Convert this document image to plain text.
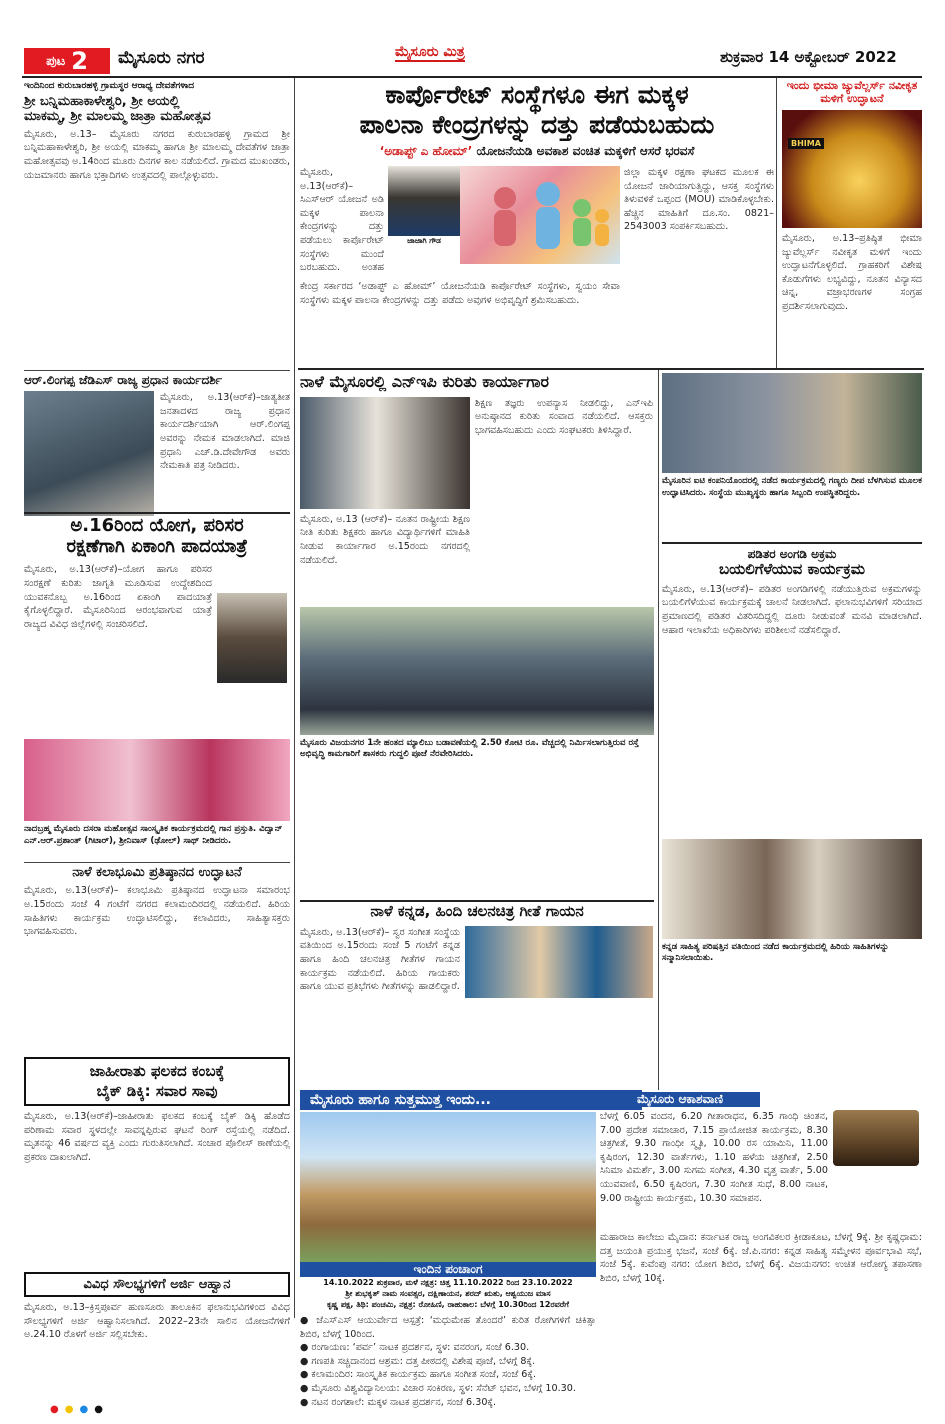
ಪುಟ 2 ಮೈಸೂರು ನಗರ	ಮೈಸೂರು ಮಿತ್ರ	ಶುಕ್ರವಾರ 14 ಅಕ್ಟೋಬರ್ 2022
ಇಂದಿನಿಂದ ಕುರುಬಾರಹಳ್ಳಿ ಗ್ರಾಮಸ್ಥರ ಆರಾಧ್ಯ ದೇವತೆಗಳಾದ
ಶ್ರೀ ಬನ್ನಿಮಹಾಕಾಳೇಶ್ವರಿ, ಶ್ರೀ ಅಯಲ್ಲಿ
ಮಾಕಮ್ಮ, ಶ್ರೀ ಮಾಲಮ್ಮ ಜಾತ್ರಾ ಮಹೋತ್ಸವ

ಮೈಸೂರು, ಅ.13– ಮೈಸೂರು ನಗರದ ಕುರುಬಾರಹಳ್ಳಿ ಗ್ರಾಮದ ಶ್ರೀ ಬನ್ನಿಮಹಾಕಾಳೇಶ್ವರಿ, ಶ್ರೀ ಅಯಲ್ಲಿ ಮಾಕಮ್ಮ ಹಾಗೂ ಶ್ರೀ ಮಾಲಮ್ಮ ದೇವತೆಗಳ ಜಾತ್ರಾ ಮಹೋತ್ಸವವು ಅ.14ರಿಂದ ಮೂರು ದಿನಗಳ ಕಾಲ ನಡೆಯಲಿದೆ. ಗ್ರಾಮದ ಮುಖಂಡರು, ಯಜಮಾನರು ಹಾಗೂ ಭಕ್ತಾದಿಗಳು ಉತ್ಸವದಲ್ಲಿ ಪಾಲ್ಗೊಳ್ಳುವರು.

ಆರ್.ಲಿಂಗಪ್ಪ ಜೆಡಿಎಸ್ ರಾಜ್ಯ ಪ್ರಧಾನ ಕಾರ್ಯದರ್ಶಿ

ಮೈಸೂರು, ಅ.13(ಆರ್‌ಕೆ)–ಜಾತ್ಯತೀತ ಜನತಾದಳದ ರಾಜ್ಯ ಪ್ರಧಾನ ಕಾರ್ಯದರ್ಶಿಯಾಗಿ ಆರ್.ಲಿಂಗಪ್ಪ ಅವರನ್ನು ನೇಮಕ ಮಾಡಲಾಗಿದೆ. ಮಾಜಿ ಪ್ರಧಾನಿ ಎಚ್.ಡಿ.ದೇವೇಗೌಡ ಅವರು ನೇಮಕಾತಿ ಪತ್ರ ನೀಡಿದರು.

ಅ.16ರಿಂದ ಯೋಗ, ಪರಿಸರ
ರಕ್ಷಣೆಗಾಗಿ ಏಕಾಂಗಿ ಪಾದಯಾತ್ರೆ

ಮೈಸೂರು, ಅ.13(ಆರ್‌ಕೆ)–ಯೋಗ ಹಾಗೂ ಪರಿಸರ ಸಂರಕ್ಷಣೆ ಕುರಿತು ಜಾಗೃತಿ ಮೂಡಿಸುವ ಉದ್ದೇಶದಿಂದ ಯುವಕನೊಬ್ಬ ಅ.16ರಿಂದ ಏಕಾಂಗಿ ಪಾದಯಾತ್ರೆ ಕೈಗೊಳ್ಳಲಿದ್ದಾರೆ. ಮೈಸೂರಿನಿಂದ ಆರಂಭವಾಗುವ ಯಾತ್ರೆ ರಾಜ್ಯದ ವಿವಿಧ ಜಿಲ್ಲೆಗಳಲ್ಲಿ ಸಂಚರಿಸಲಿದೆ.

ನಾದಬ್ರಹ್ಮ ಮೈಸೂರು ದಸರಾ ಮಹೋತ್ಸವ ಸಾಂಸ್ಕೃತಿಕ ಕಾರ್ಯಕ್ರಮದಲ್ಲಿ ಗಾನ ಪ್ರಸ್ತುತಿ. ವಿದ್ವಾನ್ ಎನ್.ಆರ್.ಪ್ರಶಾಂತ್ (ಗಿಟಾರ್), ಶ್ರೀನಿವಾಸ್ (ಢೋಲ್) ಸಾಥ್ ನೀಡಿದರು.
ನಾಳೆ ಕಲಾಭೂಮಿ ಪ್ರತಿಷ್ಠಾನದ ಉದ್ಘಾಟನೆ

ಮೈಸೂರು, ಅ.13(ಆರ್‌ಕೆ)– ಕಲಾಭೂಮಿ ಪ್ರತಿಷ್ಠಾನದ ಉದ್ಘಾಟನಾ ಸಮಾರಂಭ ಅ.15ರಂದು ಸಂಜೆ 4 ಗಂಟೆಗೆ ನಗರದ ಕಲಾಮಂದಿರದಲ್ಲಿ ನಡೆಯಲಿದೆ. ಹಿರಿಯ ಸಾಹಿತಿಗಳು ಕಾರ್ಯಕ್ರಮ ಉದ್ಘಾಟಿಸಲಿದ್ದು, ಕಲಾವಿದರು, ಸಾಹಿತ್ಯಾಸಕ್ತರು ಭಾಗವಹಿಸುವರು.

ಜಾಹೀರಾತು ಫಲಕದ ಕಂಬಕ್ಕೆ
ಬೈಕ್ ಡಿಕ್ಕಿ: ಸವಾರ ಸಾವು

ಮೈಸೂರು, ಅ.13(ಆರ್‌ಕೆ)–ಜಾಹೀರಾತು ಫಲಕದ ಕಂಬಕ್ಕೆ ಬೈಕ್ ಡಿಕ್ಕಿ ಹೊಡೆದ ಪರಿಣಾಮ ಸವಾರ ಸ್ಥಳದಲ್ಲೇ ಸಾವನ್ನಪ್ಪಿರುವ ಘಟನೆ ರಿಂಗ್ ರಸ್ತೆಯಲ್ಲಿ ನಡೆದಿದೆ. ಮೃತನನ್ನು 46 ವರ್ಷದ ವ್ಯಕ್ತಿ ಎಂದು ಗುರುತಿಸಲಾಗಿದೆ. ಸಂಚಾರ ಪೊಲೀಸ್ ಠಾಣೆಯಲ್ಲಿ ಪ್ರಕರಣ ದಾಖಲಾಗಿದೆ.

ವಿವಿಧ ಸೌಲಭ್ಯಗಳಿಗೆ ಅರ್ಜಿ ಆಹ್ವಾನ

ಮೈಸೂರು, ಅ.13–ಕ್ರಿಸ್ತಪೂರ್ವ ಹುಣಸೂರು ತಾಲೂಕಿನ ಫಲಾನುಭವಿಗಳಿಂದ ವಿವಿಧ ಸೌಲಭ್ಯಗಳಿಗೆ ಅರ್ಜಿ ಆಹ್ವಾನಿಸಲಾಗಿದೆ. 2022–23ನೇ ಸಾಲಿನ ಯೋಜನೆಗಳಿಗೆ ಅ.24.10 ರೊಳಗೆ ಅರ್ಜಿ ಸಲ್ಲಿಸಬೇಕು.

ಕಾರ್ಪೊರೇಟ್ ಸಂಸ್ಥೆಗಳೂ ಈಗ ಮಕ್ಕಳ
ಪಾಲನಾ ಕೇಂದ್ರಗಳನ್ನು ದತ್ತು ಪಡೆಯಬಹುದು
‘ಅಡಾಪ್ಟ್ ಎ ಹೋಮ್’ ಯೋಜನೆಯಡಿ ಅವಕಾಶ ವಂಚಿತ ಮಕ್ಕಳಿಗೆ ಆಸರೆ ಭರವಸೆ

ಮೈಸೂರು, ಅ.13(ಆರ್‌ಕೆ)–ಸಿಎಸ್‌ಆರ್ ಯೋಜನೆ ಅಡಿ ಮಕ್ಕಳ ಪಾಲನಾ ಕೇಂದ್ರಗಳನ್ನು ದತ್ತು ಪಡೆಯಲು ಕಾರ್ಪೊರೇಟ್ ಸಂಸ್ಥೆಗಳು ಮುಂದೆ ಬರಬಹುದು. ಅಂತಹ

ಜಾಜಾಗಿ ಗೌಡ

ಜಿಲ್ಲಾ ಮಕ್ಕಳ ರಕ್ಷಣಾ ಘಟಕದ ಮೂಲಕ ಈ ಯೋಜನೆ ಜಾರಿಯಾಗುತ್ತಿದ್ದು, ಆಸಕ್ತ ಸಂಸ್ಥೆಗಳು ತಿಳುವಳಿಕೆ ಒಪ್ಪಂದ (MOU) ಮಾಡಿಕೊಳ್ಳಬೇಕು. ಹೆಚ್ಚಿನ ಮಾಹಿತಿಗೆ ದೂ.ಸಂ. 0821–2543003 ಸಂಪರ್ಕಿಸಬಹುದು.

ಕೇಂದ್ರ ಸರ್ಕಾರದ ‘ಅಡಾಪ್ಟ್ ಎ ಹೋಮ್’ ಯೋಜನೆಯಡಿ ಕಾರ್ಪೊರೇಟ್ ಸಂಸ್ಥೆಗಳು, ಸ್ವಯಂ ಸೇವಾ ಸಂಸ್ಥೆಗಳು ಮಕ್ಕಳ ಪಾಲನಾ ಕೇಂದ್ರಗಳನ್ನು ದತ್ತು ಪಡೆದು ಅವುಗಳ ಅಭಿವೃದ್ಧಿಗೆ ಶ್ರಮಿಸಬಹುದು.

ಇಂದು ಭೀಮಾ ಜ್ಯುವೆಲ್ಲರ್ಸ್ ನವೀಕೃತ ಮಳಿಗೆ ಉದ್ಘಾಟನೆ
BHIMA

ಮೈಸೂರು, ಅ.13–ಪ್ರತಿಷ್ಠಿತ ಭೀಮಾ ಜ್ಯುವೆಲ್ಲರ್ಸ್ ನವೀಕೃತ ಮಳಿಗೆ ಇಂದು ಉದ್ಘಾಟನೆಗೊಳ್ಳಲಿದೆ. ಗ್ರಾಹಕರಿಗೆ ವಿಶೇಷ ಕೊಡುಗೆಗಳು ಲಭ್ಯವಿದ್ದು, ನೂತನ ವಿನ್ಯಾಸದ ಚಿನ್ನ, ವಜ್ರಾಭರಣಗಳ ಸಂಗ್ರಹ ಪ್ರದರ್ಶಿಸಲಾಗುವುದು.

ನಾಳೆ ಮೈಸೂರಲ್ಲಿ ಎನ್‌ಇಪಿ ಕುರಿತು ಕಾರ್ಯಾಗಾರ

ಮೈಸೂರು, ಅ.13 (ಆರ್‌ಕೆ)– ನೂತನ ರಾಷ್ಟ್ರೀಯ ಶಿಕ್ಷಣ ನೀತಿ ಕುರಿತು ಶಿಕ್ಷಕರು ಹಾಗೂ ವಿದ್ಯಾರ್ಥಿಗಳಿಗೆ ಮಾಹಿತಿ ನೀಡುವ ಕಾರ್ಯಾಗಾರ ಅ.15ರಂದು ನಗರದಲ್ಲಿ ನಡೆಯಲಿದೆ.

ಶಿಕ್ಷಣ ತಜ್ಞರು ಉಪನ್ಯಾಸ ನೀಡಲಿದ್ದು, ಎನ್‌ಇಪಿ ಅನುಷ್ಠಾನದ ಕುರಿತು ಸಂವಾದ ನಡೆಯಲಿದೆ. ಆಸಕ್ತರು ಭಾಗವಹಿಸಬಹುದು ಎಂದು ಸಂಘಟಕರು ತಿಳಿಸಿದ್ದಾರೆ.

ಮೈಸೂರು ವಿಜಯನಗರ 1ನೇ ಹಂತದ ಮ್ಯಾಲಿಬು ಬಡಾವಣೆಯಲ್ಲಿ 2.50 ಕೋಟಿ ರೂ. ವೆಚ್ಚದಲ್ಲಿ ನಿರ್ಮಿಸಲಾಗುತ್ತಿರುವ ರಸ್ತೆ ಅಭಿವೃದ್ಧಿ ಕಾಮಗಾರಿಗೆ ಶಾಸಕರು ಗುದ್ದಲಿ ಪೂಜೆ ನೆರವೇರಿಸಿದರು.
ಮೈಸೂರಿನ ಐಟಿ ಕಂಪನಿಯೊಂದರಲ್ಲಿ ನಡೆದ ಕಾರ್ಯಕ್ರಮದಲ್ಲಿ ಗಣ್ಯರು ದೀಪ ಬೆಳಗಿಸುವ ಮೂಲಕ ಉದ್ಘಾಟಿಸಿದರು. ಸಂಸ್ಥೆಯ ಮುಖ್ಯಸ್ಥರು ಹಾಗೂ ಸಿಬ್ಬಂದಿ ಉಪಸ್ಥಿತರಿದ್ದರು.
ಪಡಿತರ ಅಂಗಡಿ ಅಕ್ರಮ
ಬಯಲಿಗೆಳೆಯುವ ಕಾರ್ಯಕ್ರಮ

ಮೈಸೂರು, ಅ.13(ಆರ್‌ಕೆ)– ಪಡಿತರ ಅಂಗಡಿಗಳಲ್ಲಿ ನಡೆಯುತ್ತಿರುವ ಅಕ್ರಮಗಳನ್ನು ಬಯಲಿಗೆಳೆಯುವ ಕಾರ್ಯಕ್ರಮಕ್ಕೆ ಚಾಲನೆ ನೀಡಲಾಗಿದೆ. ಫಲಾನುಭವಿಗಳಿಗೆ ಸರಿಯಾದ ಪ್ರಮಾಣದಲ್ಲಿ ಪಡಿತರ ವಿತರಿಸದಿದ್ದಲ್ಲಿ ದೂರು ನೀಡುವಂತೆ ಮನವಿ ಮಾಡಲಾಗಿದೆ. ಆಹಾರ ಇಲಾಖೆಯ ಅಧಿಕಾರಿಗಳು ಪರಿಶೀಲನೆ ನಡೆಸಲಿದ್ದಾರೆ.

ಕನ್ನಡ ಸಾಹಿತ್ಯ ಪರಿಷತ್ತಿನ ವತಿಯಿಂದ ನಡೆದ ಕಾರ್ಯಕ್ರಮದಲ್ಲಿ ಹಿರಿಯ ಸಾಹಿತಿಗಳನ್ನು ಸನ್ಮಾನಿಸಲಾಯಿತು.
ನಾಳೆ ಕನ್ನಡ, ಹಿಂದಿ ಚಲನಚಿತ್ರ ಗೀತೆ ಗಾಯನ

ಮೈಸೂರು, ಅ.13(ಆರ್‌ಕೆ)– ಸ್ವರ ಸಂಗೀತ ಸಂಸ್ಥೆಯ ವತಿಯಿಂದ ಅ.15ರಂದು ಸಂಜೆ 5 ಗಂಟೆಗೆ ಕನ್ನಡ ಹಾಗೂ ಹಿಂದಿ ಚಲನಚಿತ್ರ ಗೀತೆಗಳ ಗಾಯನ ಕಾರ್ಯಕ್ರಮ ನಡೆಯಲಿದೆ. ಹಿರಿಯ ಗಾಯಕರು ಹಾಗೂ ಯುವ ಪ್ರತಿಭೆಗಳು ಗೀತೆಗಳನ್ನು ಹಾಡಲಿದ್ದಾರೆ.

ಮೈಸೂರು ಹಾಗೂ ಸುತ್ತಮುತ್ತ ಇಂದು...
ಇಂದಿನ ಪಂಚಾಂಗ
14.10.2022 ಶುಕ್ರವಾರ, ಮಳೆ ನಕ್ಷತ್ರ: ಚಿತ್ತ 11.10.2022 ರಿಂದ 23.10.2022
ಶ್ರೀ ಶುಭಕೃತ್ ನಾಮ ಸಂವತ್ಸರ, ದಕ್ಷಿಣಾಯನ, ಶರದ್ ಋತು, ಆಶ್ವಯುಜ ಮಾಸ
ಕೃಷ್ಣ ಪಕ್ಷ, ತಿಥಿ: ಪಂಚಮಿ, ನಕ್ಷತ್ರ: ರೋಹಿಣಿ, ರಾಹುಕಾಲ: ಬೆಳಗ್ಗೆ 10.30ರಿಂದ 12ರವರೆಗೆ

● ಜೆಎಸ್‌ಎಸ್ ಆಯುರ್ವೇದ ಆಸ್ಪತ್ರೆ: ‘ಮಧುಮೇಹ ತೊಂದರೆ’ ಕುರಿತ ರೋಗಿಗಳಿಗೆ ಚಿಕಿತ್ಸಾ ಶಿಬಿರ, ಬೆಳಗ್ಗೆ 10ರಿಂದ.

● ರಂಗಾಯಣ: ‘ಪರ್ವ’ ನಾಟಕ ಪ್ರದರ್ಶನ, ಸ್ಥಳ: ವನರಂಗ, ಸಂಜೆ 6.30.

● ಗಣಪತಿ ಸಚ್ಚಿದಾನಂದ ಆಶ್ರಮ: ದತ್ತ ಪೀಠದಲ್ಲಿ ವಿಶೇಷ ಪೂಜೆ, ಬೆಳಗ್ಗೆ 8ಕ್ಕೆ.

● ಕಲಾಮಂದಿರ: ಸಾಂಸ್ಕೃತಿಕ ಕಾರ್ಯಕ್ರಮ ಹಾಗೂ ಸಂಗೀತ ಸಂಜೆ, ಸಂಜೆ 6ಕ್ಕೆ.

● ಮೈಸೂರು ವಿಶ್ವವಿದ್ಯಾನಿಲಯ: ವಿಚಾರ ಸಂಕಿರಣ, ಸ್ಥಳ: ಸೆನೆಟ್ ಭವನ, ಬೆಳಗ್ಗೆ 10.30.

● ನಟನ ರಂಗಶಾಲೆ: ಮಕ್ಕಳ ನಾಟಕ ಪ್ರದರ್ಶನ, ಸಂಜೆ 6.30ಕ್ಕೆ.

ಮೈಸೂರು ಆಕಾಶವಾಣಿ

ಬೆಳಗ್ಗೆ 6.05 ವಂದನ, 6.20 ಗೀತಾರಾಧನ, 6.35 ಗಾಂಧಿ ಚಿಂತನ, 7.00 ಪ್ರದೇಶ ಸಮಾಚಾರ, 7.15 ಪ್ರಾಯೋಜಿತ ಕಾರ್ಯಕ್ರಮ, 8.30 ಚಿತ್ರಗೀತೆ, 9.30 ಗಾಂಧೀ ಸ್ಮೃತಿ, 10.00 ರಸ ಯಾಮಿನಿ, 11.00 ಕೃಷಿರಂಗ, 12.30 ವಾರ್ತೆಗಳು, 1.10 ಹಳೆಯ ಚಿತ್ರಗೀತೆ, 2.50 ಸಿನಿಮಾ ವಿಮರ್ಶೆ, 3.00 ಸುಗಮ ಸಂಗೀತ, 4.30 ವೃತ್ತ ವಾರ್ತೆ, 5.00 ಯುವವಾಣಿ, 6.50 ಕೃಷಿರಂಗ, 7.30 ಸಂಗೀತ ಸುಧೆ, 8.00 ನಾಟಕ, 9.00 ರಾಷ್ಟ್ರೀಯ ಕಾರ್ಯಕ್ರಮ, 10.30 ಸಮಾಪನ.

ಮಹಾರಾಜ ಕಾಲೇಜು ಮೈದಾನ: ಕರ್ನಾಟಕ ರಾಜ್ಯ ಅಂಗವಿಕಲರ ಕ್ರೀಡಾಕೂಟ, ಬೆಳಗ್ಗೆ 9ಕ್ಕೆ. ಶ್ರೀ ಕೃಷ್ಣಧಾಮ: ದತ್ತ ಜಯಂತಿ ಪ್ರಯುಕ್ತ ಭಜನೆ, ಸಂಜೆ 6ಕ್ಕೆ. ಜೆ.ಪಿ.ನಗರ: ಕನ್ನಡ ಸಾಹಿತ್ಯ ಸಮ್ಮೇಳನ ಪೂರ್ವಭಾವಿ ಸಭೆ, ಸಂಜೆ 5ಕ್ಕೆ. ಕುವೆಂಪು ನಗರ: ಯೋಗ ಶಿಬಿರ, ಬೆಳಗ್ಗೆ 6ಕ್ಕೆ. ವಿಜಯನಗರ: ಉಚಿತ ಆರೋಗ್ಯ ತಪಾಸಣಾ ಶಿಬಿರ, ಬೆಳಗ್ಗೆ 10ಕ್ಕೆ.

●●●●
